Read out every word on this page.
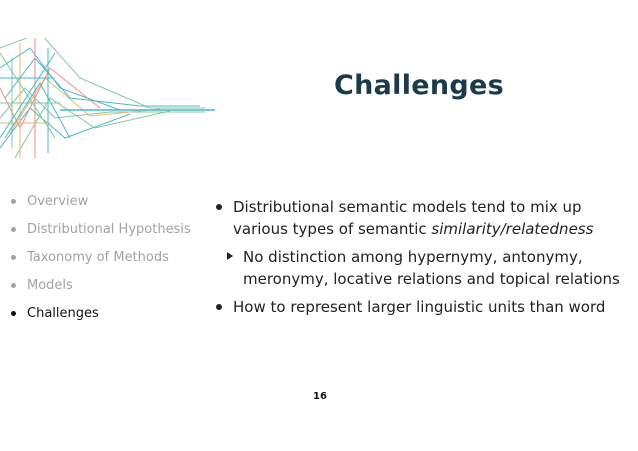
Challenges
Overview
Distributional Hypothesis
Taxonomy of Methods
Models
Challenges
Distributional semantic models tend to mix up various types of semantic similarity/relatedness
No distinction among hypernymy, antonymy, meronymy, locative relations and topical relations
How to represent larger linguistic units than word
16
